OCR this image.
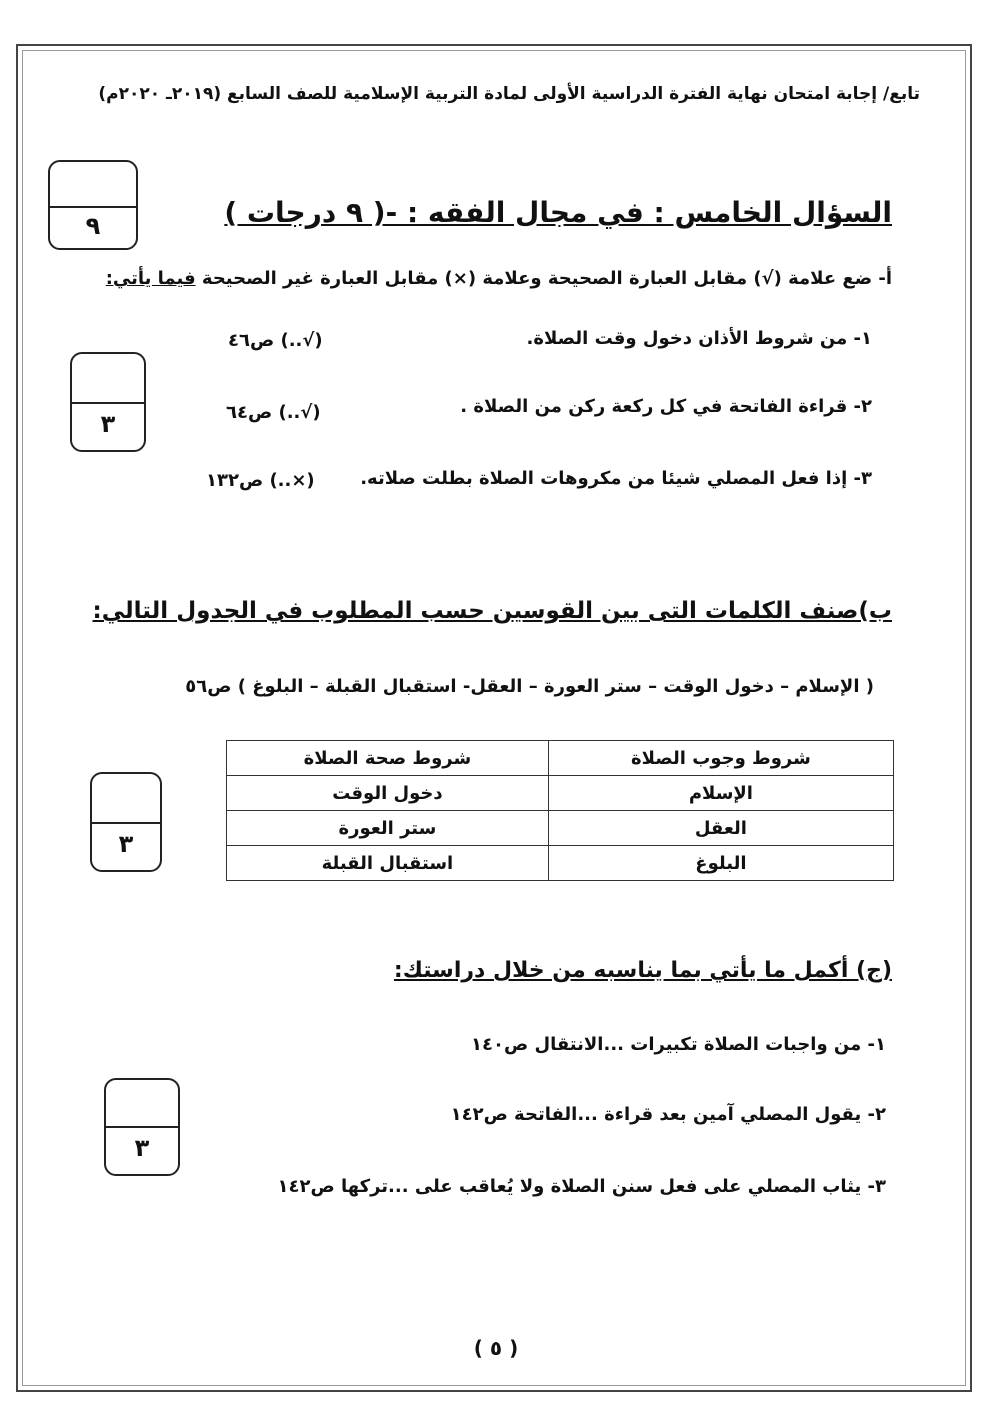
تابع/ إجابة امتحان نهاية الفترة الدراسية الأولى لمادة التربية الإسلامية للصف السابع (٢٠١٩ـ ٢٠٢٠م)
٩	السؤال الخامس : في مجال الفقه : -( ٩ درجات )
أ- ضع علامة (√) مقابل العبارة الصحيحة وعلامة (×) مقابل العبارة غير الصحيحة فيما يأتي:
٣
١- من شروط الأذان دخول وقت الصلاة.
(√..) ص٤٦
٢- قراءة الفاتحة في كل ركعة ركن من الصلاة .
(√..) ص٦٤
٣- إذا فعل المصلي شيئا من مكروهات الصلاة بطلت صلاته.
(×..) ص١٣٢
ب)صنف الكلمات التى بين القوسين حسب المطلوب في الجدول التالي:
( الإسلام – دخول الوقت – ستر العورة – العقل- استقبال القبلة – البلوغ ) ص٥٦
٣
شروط وجوب الصلاة	شروط صحة الصلاة
الإسلام	دخول الوقت
العقل	ستر العورة
البلوغ	استقبال القبلة
(ج) أكمل ما يأتي بما يناسبه من خلال دراستك:
٣
١- من واجبات الصلاة تكبيرات ...الانتقال ص١٤٠
٢- يقول المصلي آمين بعد قراءة ...الفاتحة ص١٤٢
٣- يثاب المصلي على فعل سنن الصلاة ولا يُعاقب على ...تركها ص١٤٢
( ٥ )
